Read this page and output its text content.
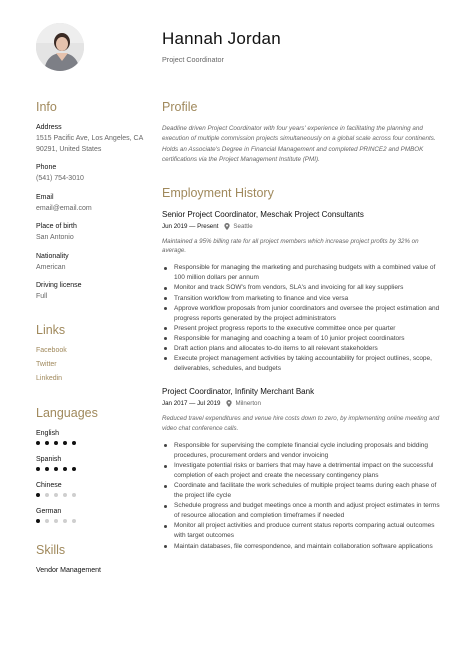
Hannah Jordan
Project Coordinator
Info
Address
1515 Pacific Ave, Los Angeles, CA 90291, United States
Phone
(541) 754-3010
Email
email@email.com
Place of birth
San Antonio
Nationality
American
Driving license
Full
Links
Facebook
Twitter
Linkedin
Languages
English
Spanish
Chinese
German
Skills
Vendor Management
Profile
Deadline driven Project Coordinator with four years' experience in facilitating the planning and execution of multiple commission projects simultaneously on a global scale across four continents. Holds an Associate's Degree in Financial Management and completed PRINCE2 and PMBOK certifications via the Project Management Institute (PMI).
Employment History
Senior Project Coordinator, Meschak Project Consultants
Jun 2019 — Present Seattle
Maintained a 95% billing rate for all project members which increase project profits by 32% on average.
Responsible for managing the marketing and purchasing budgets with a combined value of 100 million dollars per annum
Monitor and track SOW's from vendors, SLA's and invoicing for all key suppliers
Transition workflow from marketing to finance and vice versa
Approve workflow proposals from junior coordinators and oversee the project estimation and progress reports generated by the project administrators
Present project progress reports to the executive committee once per quarter
Responsible for managing and coaching a team of 10 junior project coordinators
Draft action plans and allocates to-do items to all relevant stakeholders
Execute project management activities by taking accountability for project outlines, scope, deliverables, schedules, and budgets
Project Coordinator, Infinity Merchant Bank
Jan 2017 — Jul 2019 Milnerton
Reduced travel expenditures and venue hire costs down to zero, by implementing online meeting and video chat conference calls.
Responsible for supervising the complete financial cycle including proposals and bidding procedures, procurement orders and vendor invoicing
Investigate potential risks or barriers that may have a detrimental impact on the successful completion of each project and create the necessary contingency plans
Coordinate and facilitate the work schedules of multiple project teams during each phase of the project life cycle
Schedule progress and budget meetings once a month and adjust project estimates in terms of resource allocation and completion timeframes if needed
Monitor all project activities and produce current status reports comparing actual outcomes with target outcomes
Maintain databases, file correspondence, and maintain collaboration software applications
